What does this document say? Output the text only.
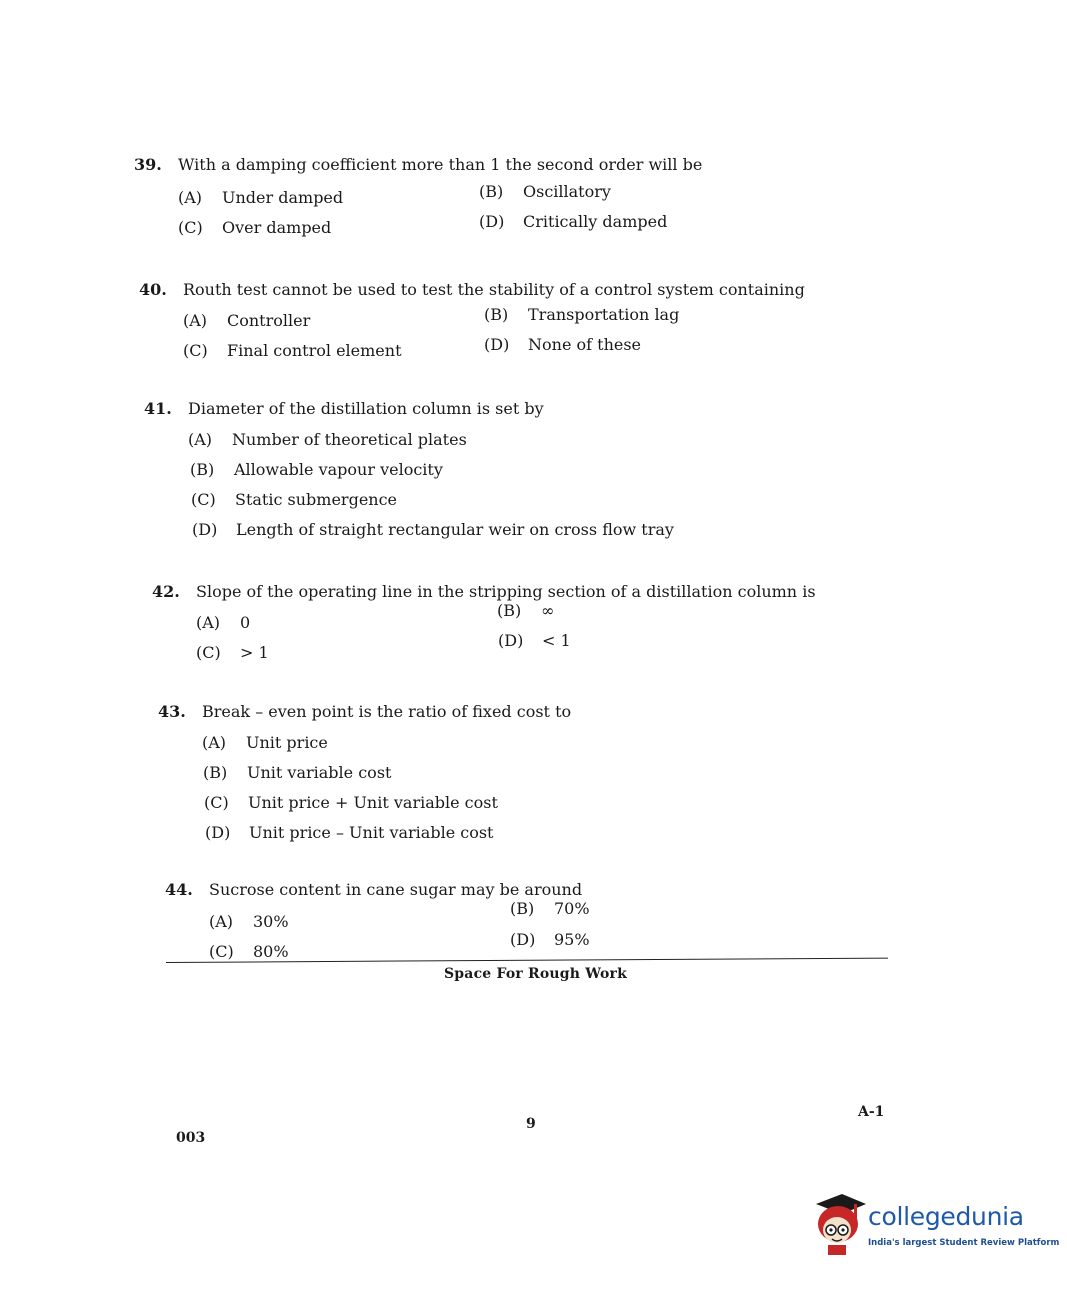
39. With a damping coefficient more than 1 the second order will be
(A) Under damped	(B) Oscillatory
(C) Over damped	(D) Critically damped
40. Routh test cannot be used to test the stability of a control system containing
(A) Controller	(B) Transportation lag
(C) Final control element	(D) None of these
41. Diameter of the distillation column is set by
(A) Number of theoretical plates
(B) Allowable vapour velocity
(C) Static submergence
(D) Length of straight rectangular weir on cross flow tray
42. Slope of the operating line in the stripping section of a distillation column is
(A) 0
(B) ∞
(C) > 1
(D) < 1
43. Break – even point is the ratio of fixed cost to
(A) Unit price
(B) Unit variable cost
(C) Unit price + Unit variable cost
(D) Unit price – Unit variable cost
44. Sucrose content in cane sugar may be around
(A) 30%
(B) 70%
(C) 80%
(D) 95%
Space For Rough Work
003
9
A-1
collegedunia
India's largest Student Review Platform
